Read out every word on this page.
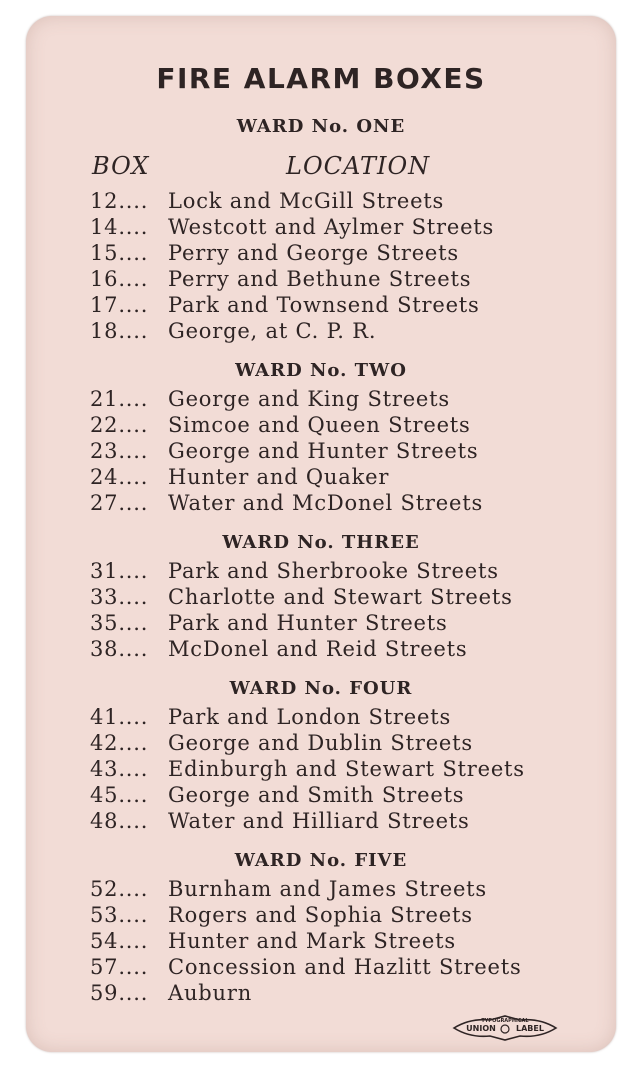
FIRE ALARM BOXES
BOX	LOCATION
WARD No. ONE
12.... Lock and McGill Streets
14.... Westcott and Aylmer Streets
15.... Perry and George Streets
16.... Perry and Bethune Streets
17.... Park and Townsend Streets
18.... George, at C. P. R.
WARD No. TWO
21.... George and King Streets
22.... Simcoe and Queen Streets
23.... George and Hunter Streets
24.... Hunter and Quaker
27.... Water and McDonel Streets
WARD No. THREE
31.... Park and Sherbrooke Streets
33.... Charlotte and Stewart Streets
35.... Park and Hunter Streets
38.... McDonel and Reid Streets
WARD No. FOUR
41.... Park and London Streets
42.... George and Dublin Streets
43.... Edinburgh and Stewart Streets
45.... George and Smith Streets
48.... Water and Hilliard Streets
WARD No. FIVE
52.... Burnham and James Streets
53.... Rogers and Sophia Streets
54.... Hunter and Mark Streets
57.... Concession and Hazlitt Streets
59.... Auburn
TYPOGRAPHICAL
UNION	LABEL
